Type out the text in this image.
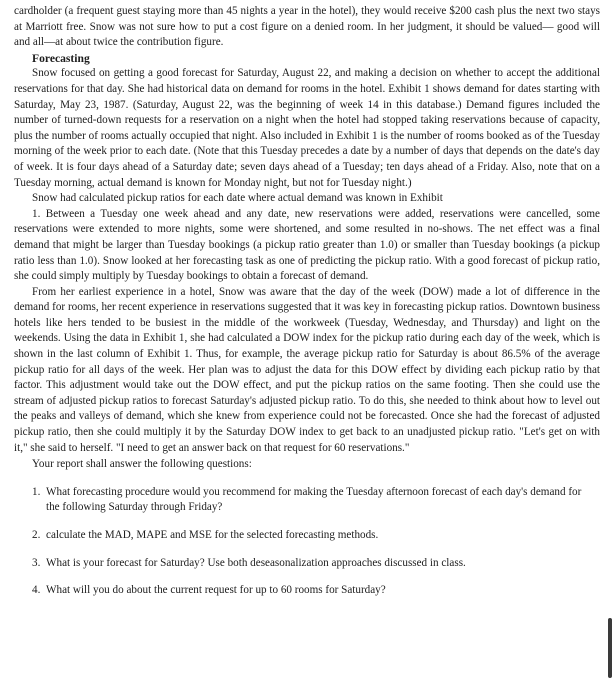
cardholder (a frequent guest staying more than 45 nights a year in the hotel), they would receive $200 cash plus the next two stays at Marriott free. Snow was not sure how to put a cost figure on a denied room. In her judgment, it should be valued— good will and all—at about twice the contribution figure.

Forecasting

Snow focused on getting a good forecast for Saturday, August 22, and making a decision on whether to accept the additional reservations for that day. She had historical data on demand for rooms in the hotel. Exhibit 1 shows demand for dates starting with Saturday, May 23, 1987. (Saturday, August 22, was the beginning of week 14 in this database.) Demand figures included the number of turned-down requests for a reservation on a night when the hotel had stopped taking reservations because of capacity, plus the number of rooms actually occupied that night. Also included in Exhibit 1 is the number of rooms booked as of the Tuesday morning of the week prior to each date. (Note that this Tuesday precedes a date by a number of days that depends on the date's day of week. It is four days ahead of a Saturday date; seven days ahead of a Tuesday; ten days ahead of a Friday. Also, note that on a Tuesday morning, actual demand is known for Monday night, but not for Tuesday night.)

Snow had calculated pickup ratios for each date where actual demand was known in Exhibit

1. Between a Tuesday one week ahead and any date, new reservations were added, reservations were cancelled, some reservations were extended to more nights, some were shortened, and some resulted in no-shows. The net effect was a final demand that might be larger than Tuesday bookings (a pickup ratio greater than 1.0) or smaller than Tuesday bookings (a pickup ratio less than 1.0). Snow looked at her forecasting task as one of predicting the pickup ratio. With a good forecast of pickup ratio, she could simply multiply by Tuesday bookings to obtain a forecast of demand.

From her earliest experience in a hotel, Snow was aware that the day of the week (DOW) made a lot of difference in the demand for rooms, her recent experience in reservations suggested that it was key in forecasting pickup ratios. Downtown business hotels like hers tended to be busiest in the middle of the workweek (Tuesday, Wednesday, and Thursday) and light on the weekends. Using the data in Exhibit 1, she had calculated a DOW index for the pickup ratio during each day of the week, which is shown in the last column of Exhibit 1. Thus, for example, the average pickup ratio for Saturday is about 86.5% of the average pickup ratio for all days of the week. Her plan was to adjust the data for this DOW effect by dividing each pickup ratio by that factor. This adjustment would take out the DOW effect, and put the pickup ratios on the same footing. Then she could use the stream of adjusted pickup ratios to forecast Saturday's adjusted pickup ratio. To do this, she needed to think about how to level out the peaks and valleys of demand, which she knew from experience could not be forecasted. Once she had the forecast of adjusted pickup ratio, then she could multiply it by the Saturday DOW index to get back to an unadjusted pickup ratio. "Let's get on with it," she said to herself. "I need to get an answer back on that request for 60 reservations."

Your report shall answer the following questions:

1. What forecasting procedure would you recommend for making the Tuesday afternoon forecast of each day's demand for the following Saturday through Friday?
2. calculate the MAD, MAPE and MSE for the selected forecasting methods.
3. What is your forecast for Saturday? Use both deseasonalization approaches discussed in class.
4. What will you do about the current request for up to 60 rooms for Saturday?
